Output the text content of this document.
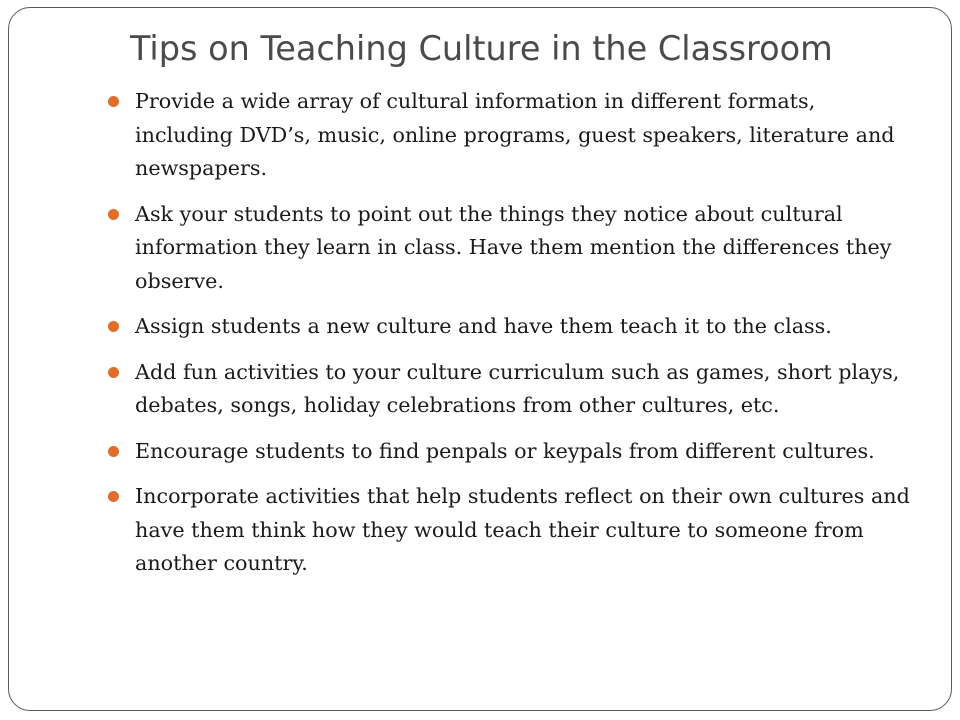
Tips on Teaching Culture in the Classroom
Provide a wide array of cultural information in different formats, including DVD’s, music, online programs, guest speakers, literature and newspapers.
Ask your students to point out the things they notice about cultural information they learn in class. Have them mention the differences they observe.
Assign students a new culture and have them teach it to the class.
Add fun activities to your culture curriculum such as games, short plays, debates, songs, holiday celebrations from other cultures, etc.
Encourage students to find penpals or keypals from different cultures.
Incorporate activities that help students reflect on their own cultures and have them think how they would teach their culture to someone from another country.
